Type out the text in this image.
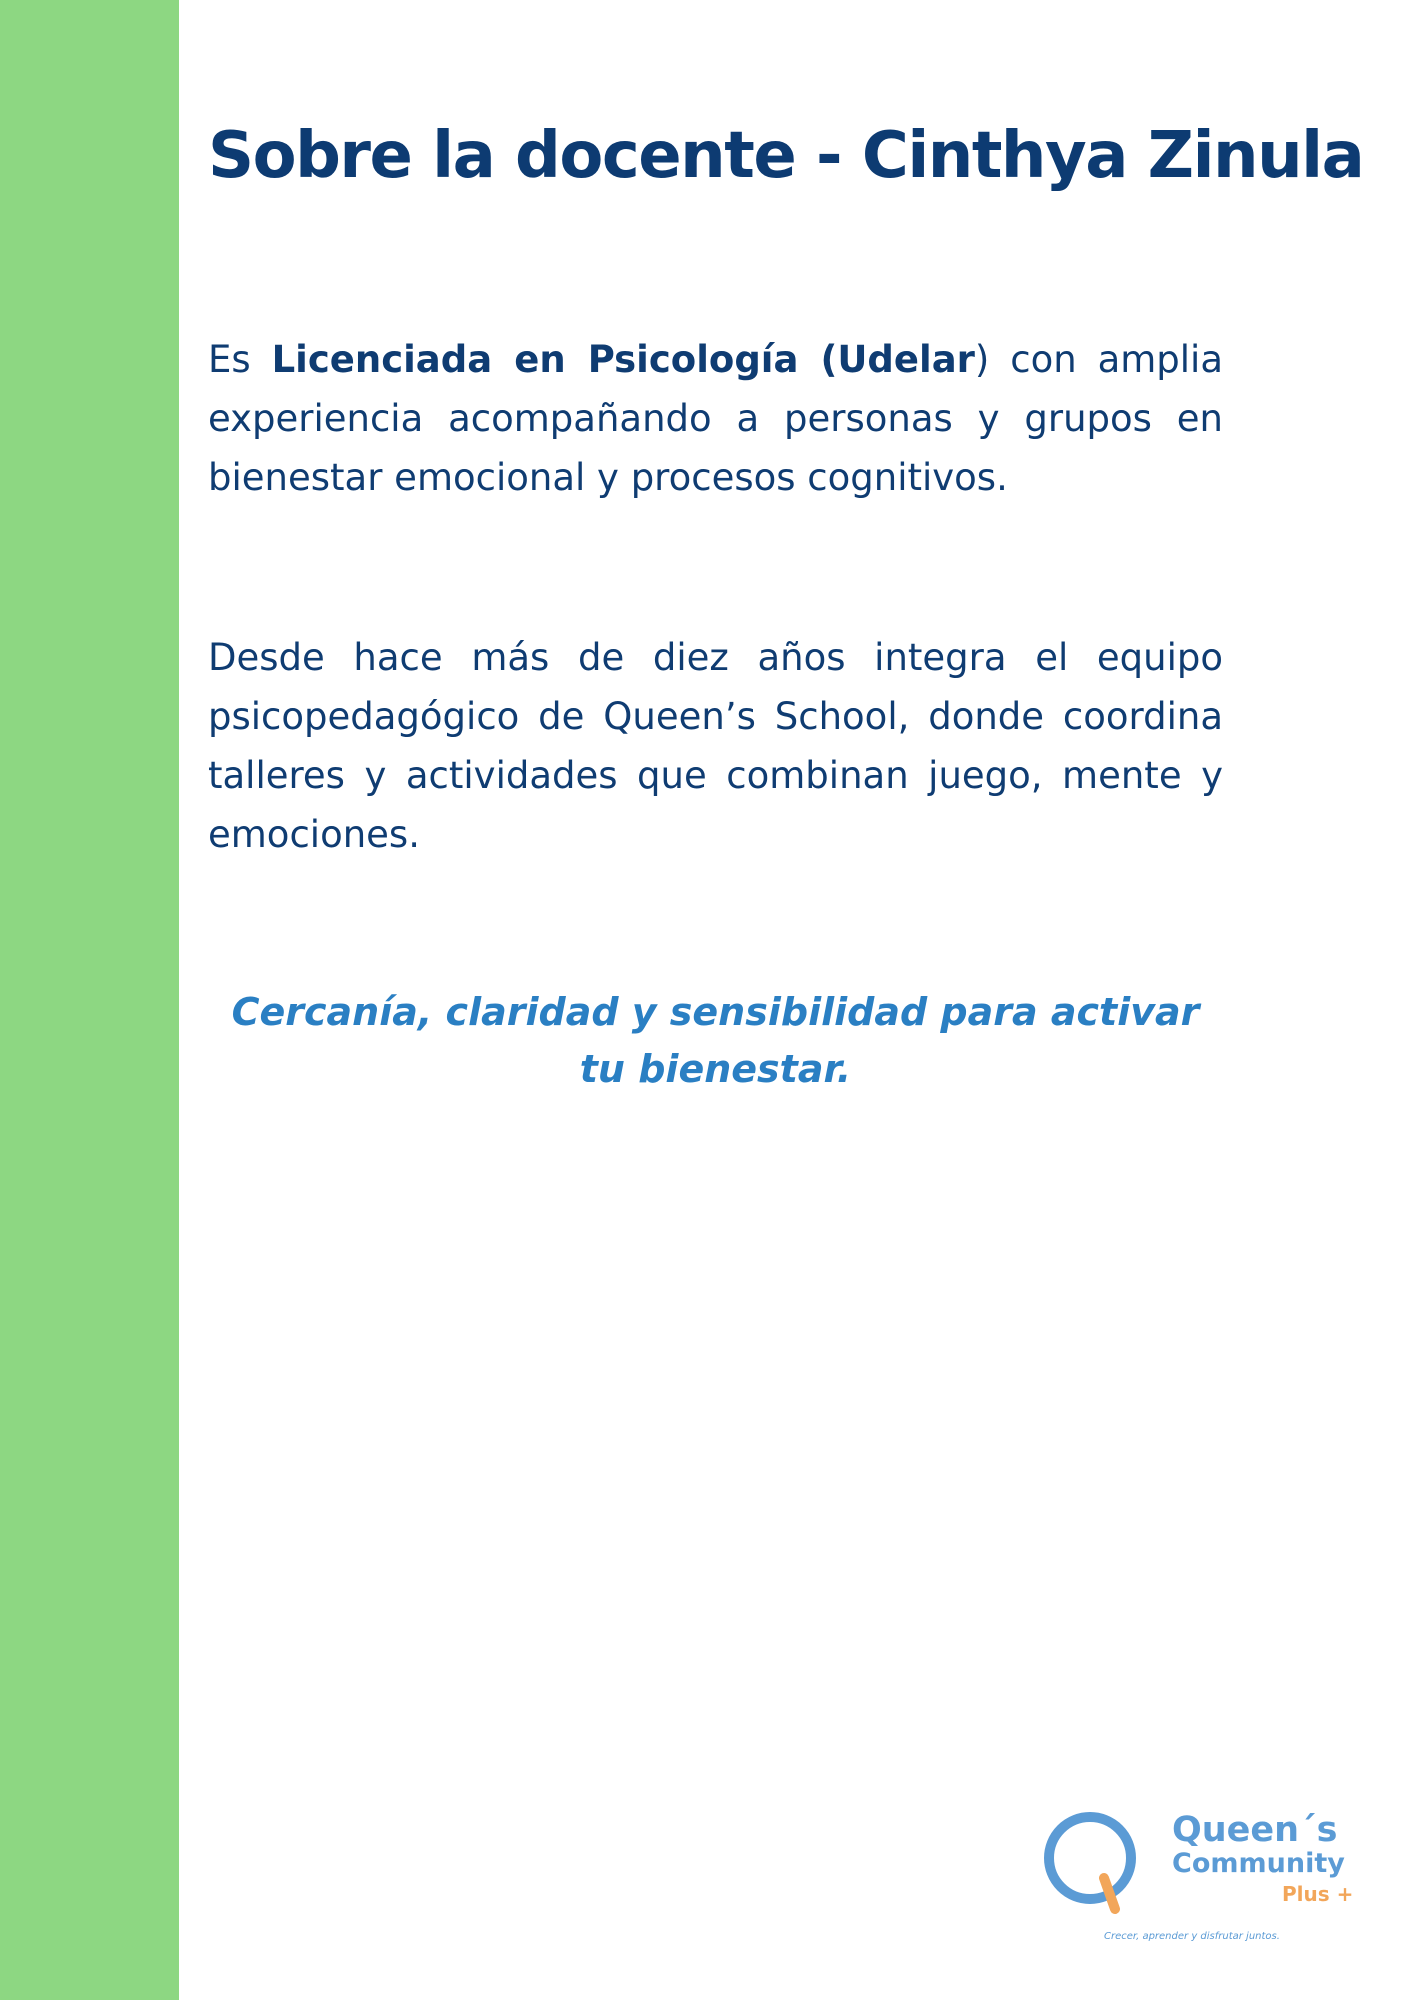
Sobre la docente - Cinthya Zinula

Es Licenciada en Psicología (Udelar) con amplia experiencia acompañando a personas y grupos en bienestar emocional y procesos cognitivos.

Desde hace más de diez años integra el equipo psicopedagógico de Queen’s School, donde coordina talleres y actividades que combinan juego, mente y emociones.

Cercanía, claridad y sensibilidad para activar tu bienestar.

Queen´s
Community
Plus +
Crecer, aprender y disfrutar juntos.
